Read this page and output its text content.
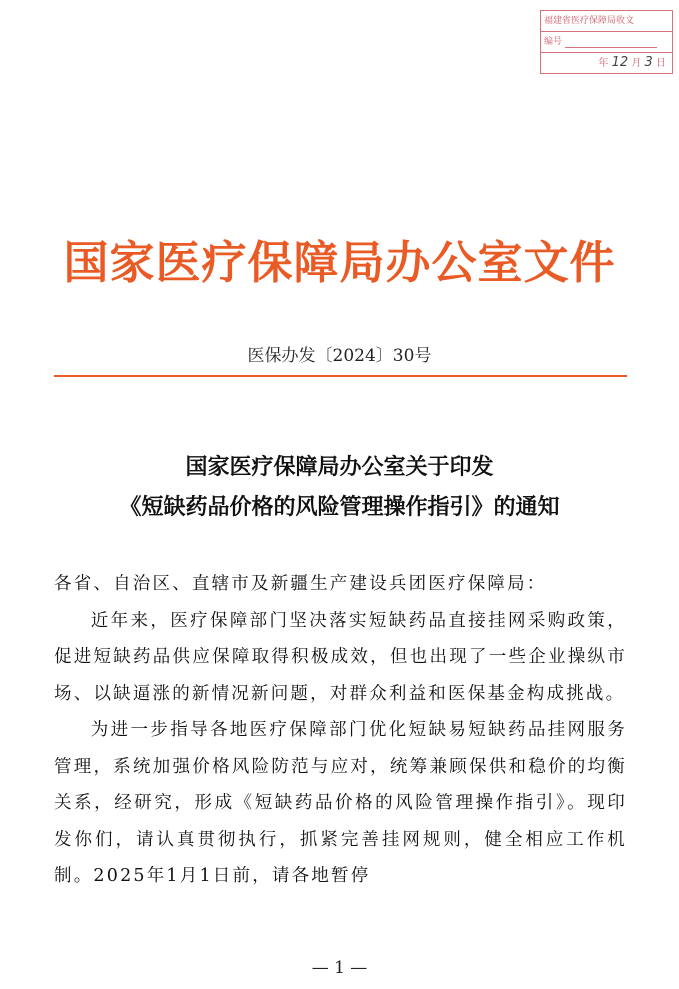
福建省医疗保障局收文
编号
年 12 月 3 日
国家医疗保障局办公室文件
医保办发〔2024〕30号
国家医疗保障局办公室关于印发
《短缺药品价格的风险管理操作指引》的通知

各省、自治区、直辖市及新疆生产建设兵团医疗保障局：

近年来，医疗保障部门坚决落实短缺药品直接挂网采购政策，促进短缺药品供应保障取得积极成效，但也出现了一些企业操纵市场、以缺逼涨的新情况新问题，对群众利益和医保基金构成挑战。

为进一步指导各地医疗保障部门优化短缺易短缺药品挂网服务管理，系统加强价格风险防范与应对，统筹兼顾保供和稳价的均衡关系，经研究，形成《短缺药品价格的风险管理操作指引》。现印发你们，请认真贯彻执行，抓紧完善挂网规则，健全相应工作机制。2025年1月1日前，请各地暂停

— 1 —
